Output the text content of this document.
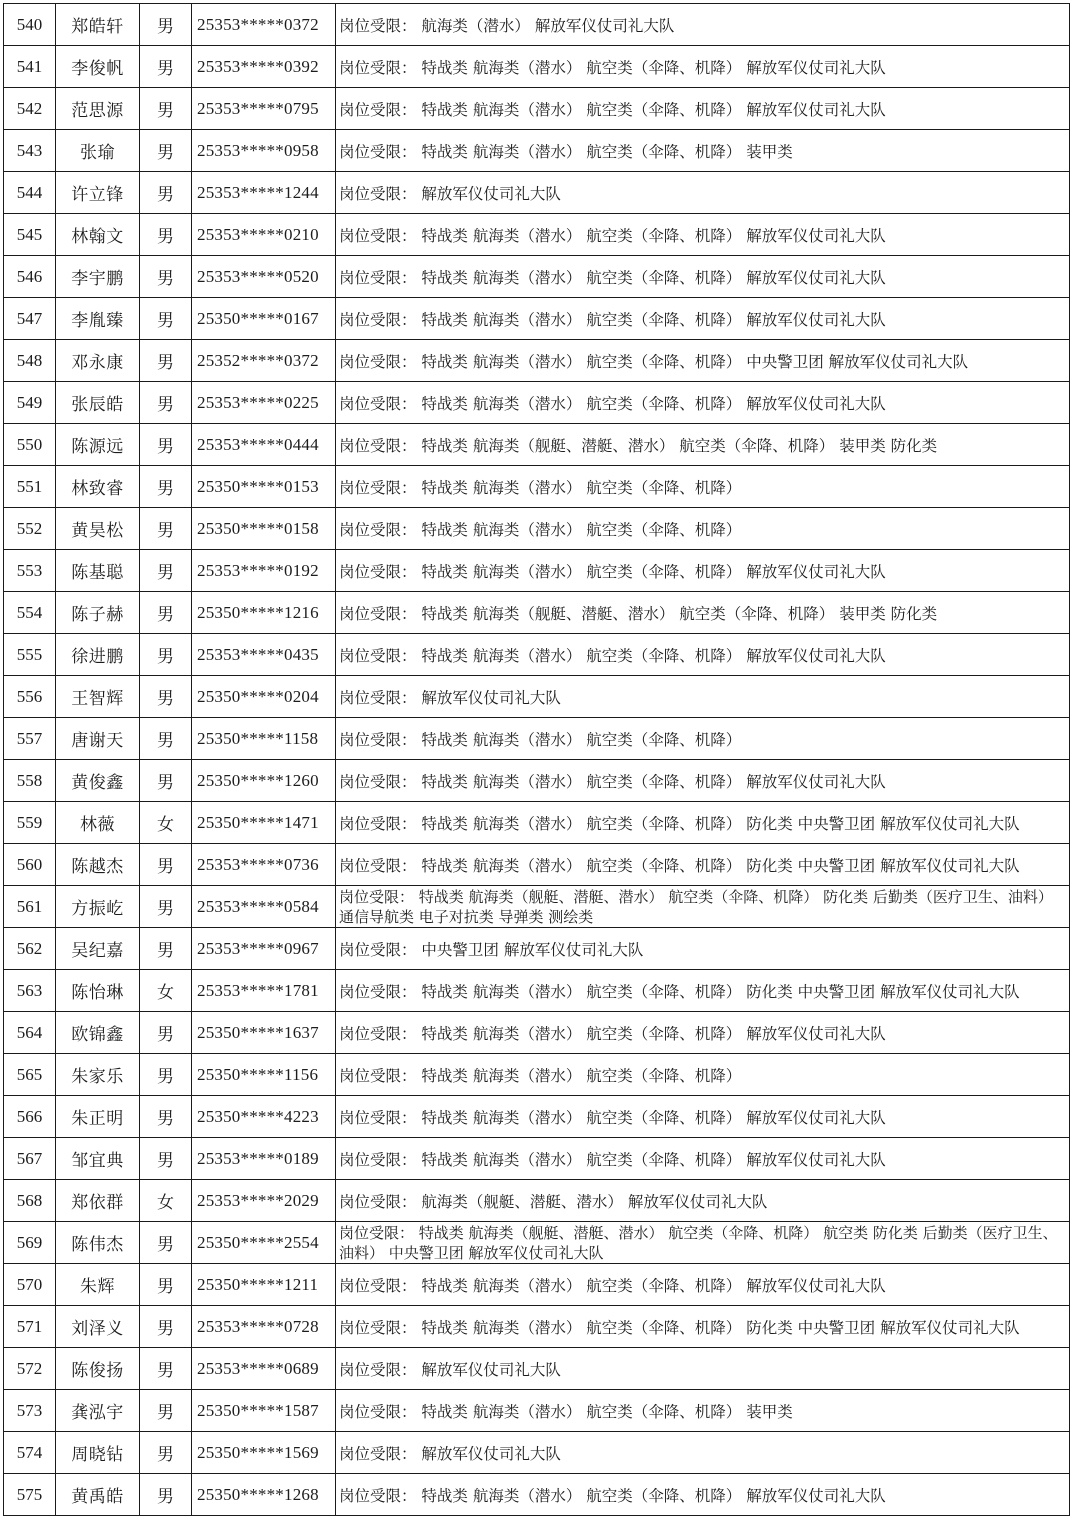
540	郑皓轩	男	25353*****0372	岗位受限： 航海类（潜水） 解放军仪仗司礼大队
541	李俊帆	男	25353*****0392	岗位受限： 特战类 航海类（潜水） 航空类（伞降、机降） 解放军仪仗司礼大队
542	范思源	男	25353*****0795	岗位受限： 特战类 航海类（潜水） 航空类（伞降、机降） 解放军仪仗司礼大队
543	张瑜	男	25353*****0958	岗位受限： 特战类 航海类（潜水） 航空类（伞降、机降） 装甲类
544	许立锋	男	25353*****1244	岗位受限： 解放军仪仗司礼大队
545	林翰文	男	25353*****0210	岗位受限： 特战类 航海类（潜水） 航空类（伞降、机降） 解放军仪仗司礼大队
546	李宇鹏	男	25353*****0520	岗位受限： 特战类 航海类（潜水） 航空类（伞降、机降） 解放军仪仗司礼大队
547	李胤臻	男	25350*****0167	岗位受限： 特战类 航海类（潜水） 航空类（伞降、机降） 解放军仪仗司礼大队
548	邓永康	男	25352*****0372	岗位受限： 特战类 航海类（潜水） 航空类（伞降、机降） 中央警卫团 解放军仪仗司礼大队
549	张辰皓	男	25353*****0225	岗位受限： 特战类 航海类（潜水） 航空类（伞降、机降） 解放军仪仗司礼大队
550	陈源远	男	25353*****0444	岗位受限： 特战类 航海类（舰艇、潜艇、潜水） 航空类（伞降、机降） 装甲类 防化类
551	林致睿	男	25350*****0153	岗位受限： 特战类 航海类（潜水） 航空类（伞降、机降）
552	黄昊松	男	25350*****0158	岗位受限： 特战类 航海类（潜水） 航空类（伞降、机降）
553	陈基聪	男	25353*****0192	岗位受限： 特战类 航海类（潜水） 航空类（伞降、机降） 解放军仪仗司礼大队
554	陈子赫	男	25350*****1216	岗位受限： 特战类 航海类（舰艇、潜艇、潜水） 航空类（伞降、机降） 装甲类 防化类
555	徐进鹏	男	25353*****0435	岗位受限： 特战类 航海类（潜水） 航空类（伞降、机降） 解放军仪仗司礼大队
556	王智辉	男	25350*****0204	岗位受限： 解放军仪仗司礼大队
557	唐谢天	男	25350*****1158	岗位受限： 特战类 航海类（潜水） 航空类（伞降、机降）
558	黄俊鑫	男	25350*****1260	岗位受限： 特战类 航海类（潜水） 航空类（伞降、机降） 解放军仪仗司礼大队
559	林薇	女	25350*****1471	岗位受限： 特战类 航海类（潜水） 航空类（伞降、机降） 防化类 中央警卫团 解放军仪仗司礼大队
560	陈越杰	男	25353*****0736	岗位受限： 特战类 航海类（潜水） 航空类（伞降、机降） 防化类 中央警卫团 解放军仪仗司礼大队
561	方振屹	男	25353*****0584	岗位受限： 特战类 航海类（舰艇、潜艇、潜水） 航空类（伞降、机降） 防化类 后勤类（医疗卫生、油料） 通信导航类 电子对抗类 导弹类 测绘类
562	吴纪嘉	男	25353*****0967	岗位受限： 中央警卫团 解放军仪仗司礼大队
563	陈怡琳	女	25353*****1781	岗位受限： 特战类 航海类（潜水） 航空类（伞降、机降） 防化类 中央警卫团 解放军仪仗司礼大队
564	欧锦鑫	男	25350*****1637	岗位受限： 特战类 航海类（潜水） 航空类（伞降、机降） 解放军仪仗司礼大队
565	朱家乐	男	25350*****1156	岗位受限： 特战类 航海类（潜水） 航空类（伞降、机降）
566	朱正明	男	25350*****4223	岗位受限： 特战类 航海类（潜水） 航空类（伞降、机降） 解放军仪仗司礼大队
567	邹宜典	男	25353*****0189	岗位受限： 特战类 航海类（潜水） 航空类（伞降、机降） 解放军仪仗司礼大队
568	郑依群	女	25353*****2029	岗位受限： 航海类（舰艇、潜艇、潜水） 解放军仪仗司礼大队
569	陈伟杰	男	25350*****2554	岗位受限： 特战类 航海类（舰艇、潜艇、潜水） 航空类（伞降、机降） 航空类 防化类 后勤类（医疗卫生、油料） 中央警卫团 解放军仪仗司礼大队
570	朱辉	男	25350*****1211	岗位受限： 特战类 航海类（潜水） 航空类（伞降、机降） 解放军仪仗司礼大队
571	刘泽义	男	25353*****0728	岗位受限： 特战类 航海类（潜水） 航空类（伞降、机降） 防化类 中央警卫团 解放军仪仗司礼大队
572	陈俊扬	男	25353*****0689	岗位受限： 解放军仪仗司礼大队
573	龚泓宇	男	25350*****1587	岗位受限： 特战类 航海类（潜水） 航空类（伞降、机降） 装甲类
574	周晓钻	男	25350*****1569	岗位受限： 解放军仪仗司礼大队
575	黄禹皓	男	25350*****1268	岗位受限： 特战类 航海类（潜水） 航空类（伞降、机降） 解放军仪仗司礼大队
